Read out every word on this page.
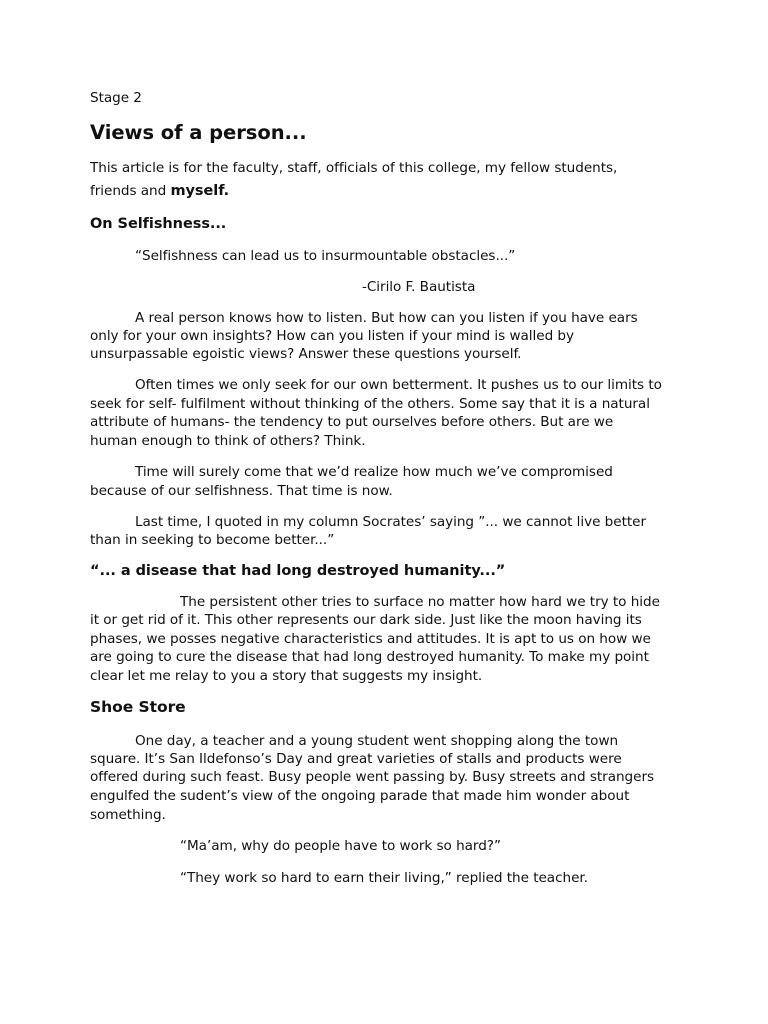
Stage 2

Views of a person...

This article is for the faculty, staff, officials of this college, my fellow students,

friends and myself.

On Selfishness...

“Selfishness can lead us to insurmountable obstacles...”

-Cirilo F. Bautista

A real person knows how to listen. But how can you listen if you have ears

only for your own insights? How can you listen if your mind is walled by

unsurpassable egoistic views? Answer these questions yourself.

Often times we only seek for our own betterment. It pushes us to our limits to

seek for self- fulfilment without thinking of the others. Some say that it is a natural

attribute of humans- the tendency to put ourselves before others. But are we

human enough to think of others? Think.

Time will surely come that we’d realize how much we’ve compromised

because of our selfishness. That time is now.

Last time, I quoted in my column Socrates’ saying ”... we cannot live better

than in seeking to become better...”

“... a disease that had long destroyed humanity...”

The persistent other tries to surface no matter how hard we try to hide

it or get rid of it. This other represents our dark side. Just like the moon having its

phases, we posses negative characteristics and attitudes. It is apt to us on how we

are going to cure the disease that had long destroyed humanity. To make my point

clear let me relay to you a story that suggests my insight.

Shoe Store

One day, a teacher and a young student went shopping along the town

square. It’s San Ildefonso’s Day and great varieties of stalls and products were

offered during such feast. Busy people went passing by. Busy streets and strangers

engulfed the sudent’s view of the ongoing parade that made him wonder about

something.

“Ma’am, why do people have to work so hard?”

“They work so hard to earn their living,” replied the teacher.
